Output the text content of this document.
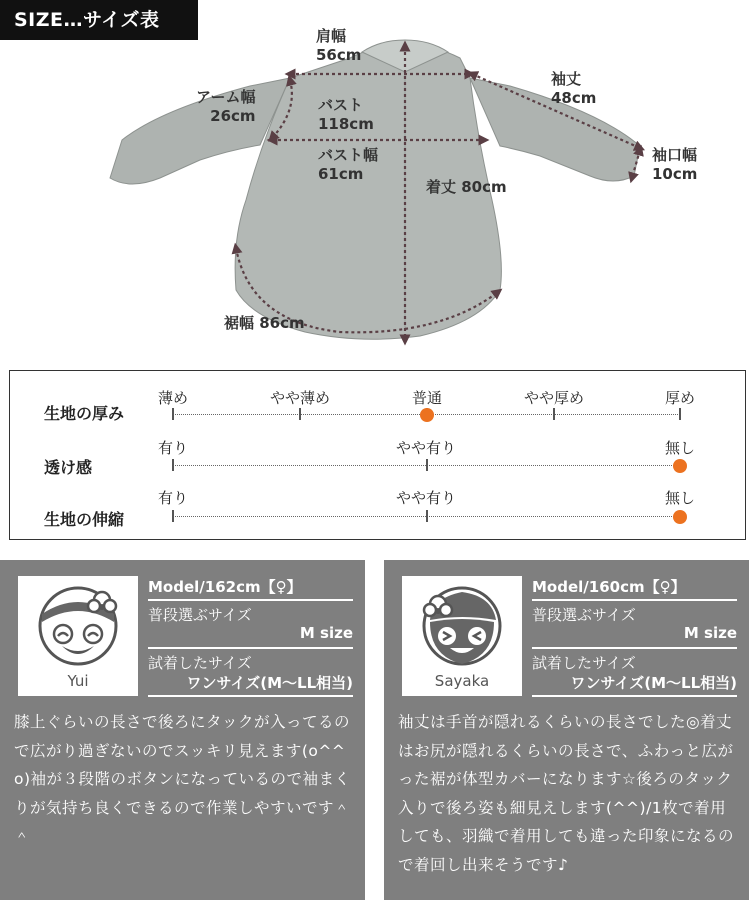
SIZE…サイズ表
肩幅
56cm
アーム幅
26cm
バスト
118cm
バスト幅
61cm
袖丈
48cm
袖口幅
10cm
着丈 80cm
裾幅 86cm
生地の厚み
薄め	やや薄め	普通	やや厚め	厚め
透け感
有り	やや有り	無し
生地の伸縮
有り	やや有り	無し
Yui
Model/162cm【♀】
普段選ぶサイズ
M size
試着したサイズ
ワンサイズ(M〜LL相当)
膝上ぐらいの長さで後ろにタックが入ってるので広がり過ぎないのでスッキリ見えます(o^^o)袖が３段階のボタンになっているので袖まくりが気持ち良くできるので作業しやすいです＾＾
Sayaka
Model/160cm【♀】
普段選ぶサイズ
M size
試着したサイズ
ワンサイズ(M〜LL相当)
袖丈は手首が隠れるくらいの長さでした◎着丈はお尻が隠れるくらいの長さで、ふわっと広がった裾が体型カバーになります☆後ろのタック入りで後ろ姿も細見えします(^^)/1枚で着用しても、羽織で着用しても違った印象になるので着回し出来そうです♪
